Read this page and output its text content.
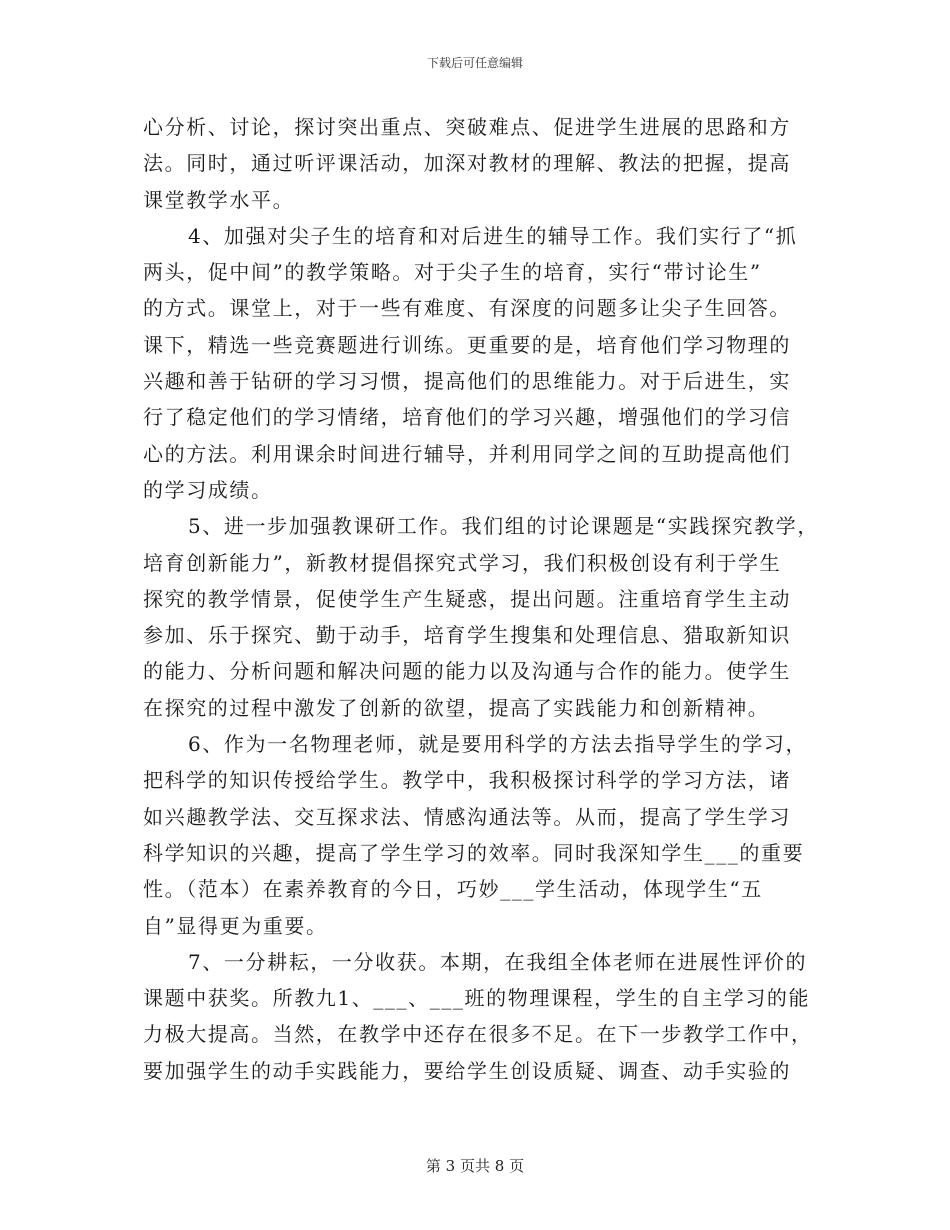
下载后可任意编辑
心分析、讨论，探讨突出重点、突破难点、促进学生进展的思路和方
法。同时，通过听评课活动，加深对教材的理解、教法的把握，提高
课堂教学水平。
4、加强对尖子生的培育和对后进生的辅导工作。我们实行了“抓
两头，促中间”的教学策略。对于尖子生的培育，实行“带讨论生”
的方式。课堂上，对于一些有难度、有深度的问题多让尖子生回答。
课下，精选一些竞赛题进行训练。更重要的是，培育他们学习物理的
兴趣和善于钻研的学习习惯，提高他们的思维能力。对于后进生，实
行了稳定他们的学习情绪，培育他们的学习兴趣，增强他们的学习信
心的方法。利用课余时间进行辅导，并利用同学之间的互助提高他们
的学习成绩。
5、进一步加强教课研工作。我们组的讨论课题是“实践探究教学，
培育创新能力”，新教材提倡探究式学习，我们积极创设有利于学生
探究的教学情景，促使学生产生疑惑，提出问题。注重培育学生主动
参加、乐于探究、勤于动手，培育学生搜集和处理信息、猎取新知识
的能力、分析问题和解决问题的能力以及沟通与合作的能力。使学生
在探究的过程中激发了创新的欲望，提高了实践能力和创新精神。
6、作为一名物理老师，就是要用科学的方法去指导学生的学习，
把科学的知识传授给学生。教学中，我积极探讨科学的学习方法，诸
如兴趣教学法、交互探求法、情感沟通法等。从而，提高了学生学习
科学知识的兴趣，提高了学生学习的效率。同时我深知学生___的重要
性。（范本）在素养教育的今日，巧妙___学生活动，体现学生“五
自”显得更为重要。
7、一分耕耘，一分收获。本期，在我组全体老师在进展性评价的
课题中获奖。所教九1、___、___班的物理课程，学生的自主学习的能
力极大提高。当然，在教学中还存在很多不足。在下一步教学工作中，
要加强学生的动手实践能力，要给学生创设质疑、调查、动手实验的
第 3 页共 8 页
